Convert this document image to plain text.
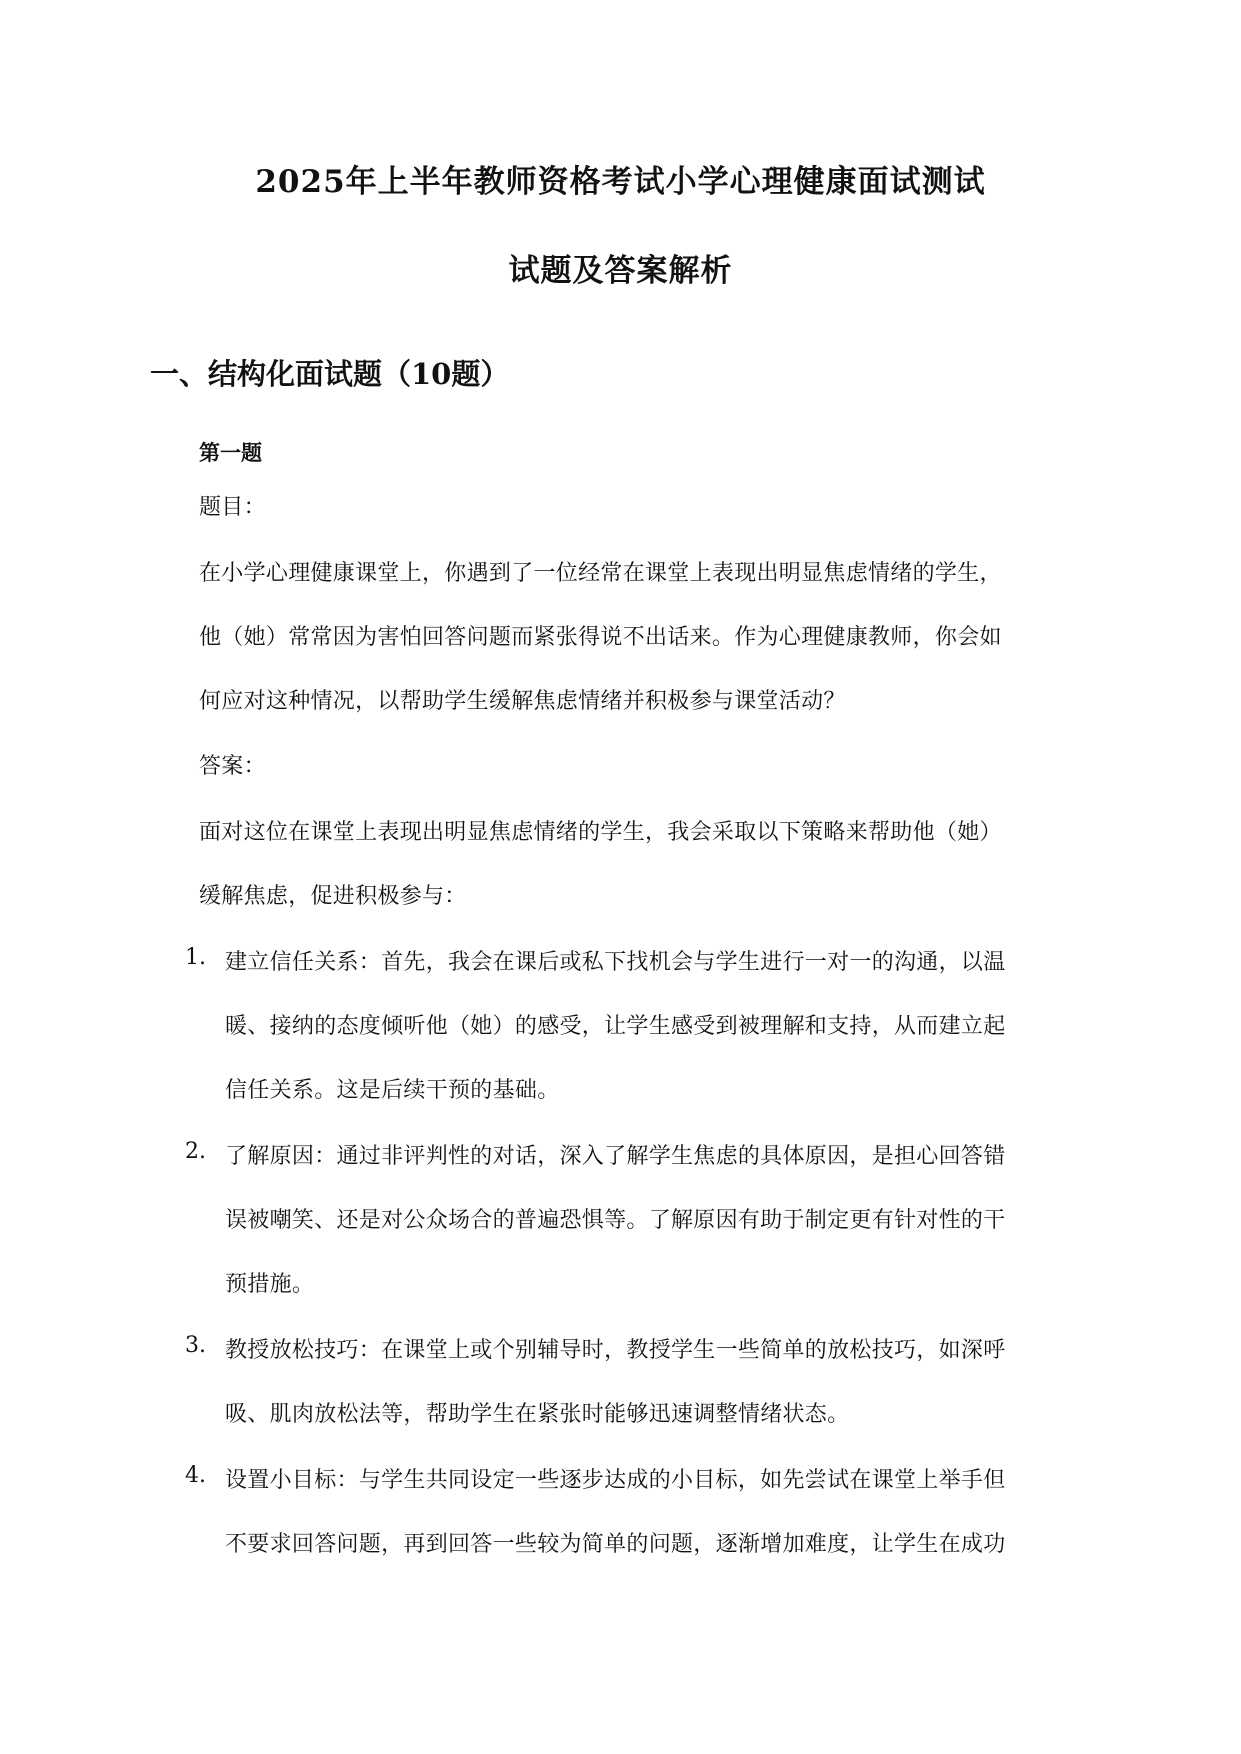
2025年上半年教师资格考试小学心理健康面试测试
试题及答案解析
一、结构化面试题（10题）
第一题
题目：
在小学心理健康课堂上，你遇到了一位经常在课堂上表现出明显焦虑情绪的学生，
他（她）常常因为害怕回答问题而紧张得说不出话来。作为心理健康教师，你会如
何应对这种情况，以帮助学生缓解焦虑情绪并积极参与课堂活动？
答案：
面对这位在课堂上表现出明显焦虑情绪的学生，我会采取以下策略来帮助他（她）
缓解焦虑，促进积极参与：
1. 建立信任关系：首先，我会在课后或私下找机会与学生进行一对一的沟通，以温
暖、接纳的态度倾听他（她）的感受，让学生感受到被理解和支持，从而建立起
信任关系。这是后续干预的基础。
2. 了解原因：通过非评判性的对话，深入了解学生焦虑的具体原因，是担心回答错
误被嘲笑、还是对公众场合的普遍恐惧等。了解原因有助于制定更有针对性的干
预措施。
3. 教授放松技巧：在课堂上或个别辅导时，教授学生一些简单的放松技巧，如深呼
吸、肌肉放松法等，帮助学生在紧张时能够迅速调整情绪状态。
4. 设置小目标：与学生共同设定一些逐步达成的小目标，如先尝试在课堂上举手但
不要求回答问题，再到回答一些较为简单的问题，逐渐增加难度，让学生在成功
